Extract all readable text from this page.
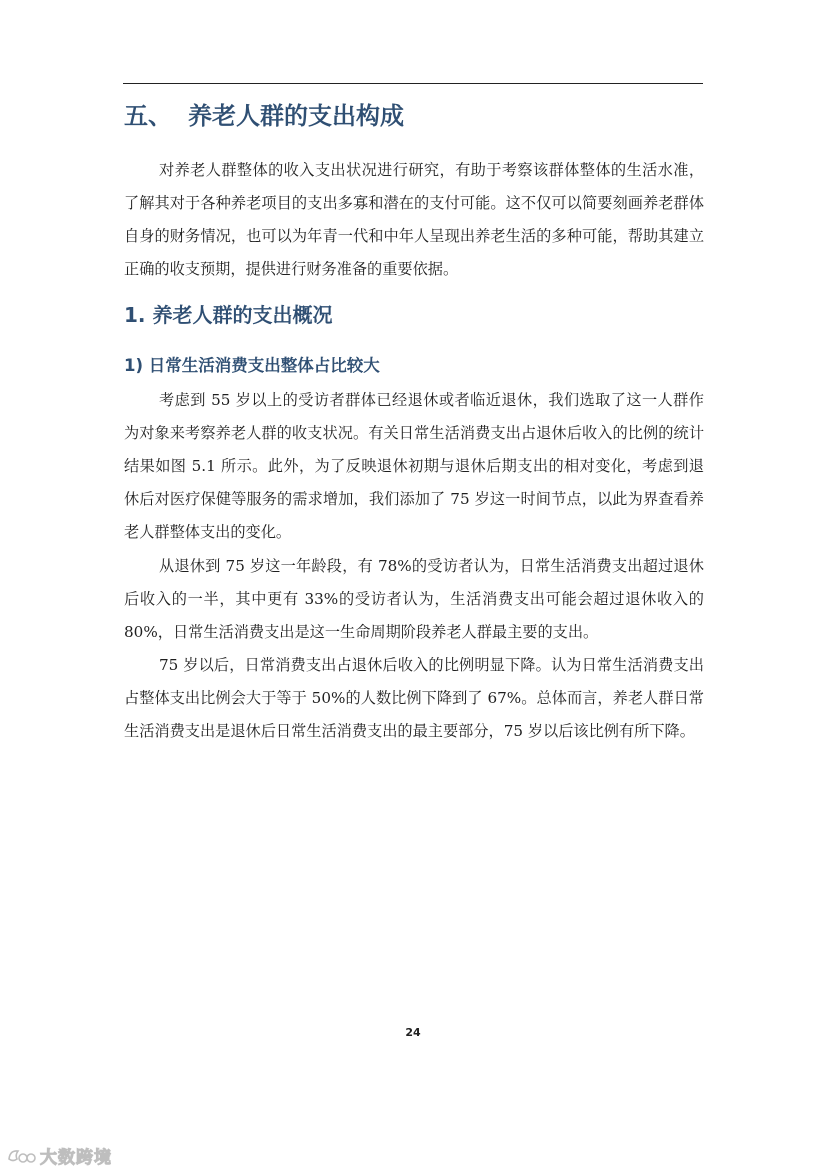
五、 养老人群的支出构成

对养老人群整体的收入支出状况进行研究，有助于考察该群体整体的生活水准，了解其对于各种养老项目的支出多寡和潜在的支付可能。这不仅可以简要刻画养老群体自身的财务情况，也可以为年青一代和中年人呈现出养老生活的多种可能，帮助其建立正确的收支预期，提供进行财务准备的重要依据。

1. 养老人群的支出概况
1) 日常生活消费支出整体占比较大

考虑到 55 岁以上的受访者群体已经退休或者临近退休，我们选取了这一人群作为对象来考察养老人群的收支状况。有关日常生活消费支出占退休后收入的比例的统计结果如图 5.1 所示。此外，为了反映退休初期与退休后期支出的相对变化，考虑到退休后对医疗保健等服务的需求增加，我们添加了 75 岁这一时间节点，以此为界查看养老人群整体支出的变化。

从退休到 75 岁这一年龄段，有 78%的受访者认为，日常生活消费支出超过退休后收入的一半，其中更有 33%的受访者认为，生活消费支出可能会超过退休收入的 80%，日常生活消费支出是这一生命周期阶段养老人群最主要的支出。

75 岁以后，日常消费支出占退休后收入的比例明显下降。认为日常生活消费支出占整体支出比例会大于等于 50%的人数比例下降到了 67%。总体而言，养老人群日常生活消费支出是退休后日常生活消费支出的最主要部分，75 岁以后该比例有所下降。

24
大数跨境
